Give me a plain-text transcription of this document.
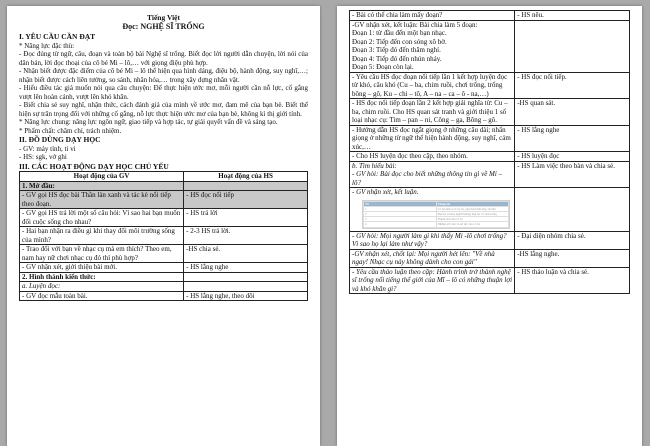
Tiếng Việt
Đọc: NGHỆ SĨ TRỐNG
I. YÊU CẦU CẦN ĐẠT

* Năng lực đặc thù:

- Đọc đúng từ ngữ, câu, đoạn và toàn bộ bài Nghệ sĩ trống. Biết đọc lời người dẫn chuyện, lời nói của dân bản, lời đọc thoại của cô bé Mi – lô,… với giọng điệu phù hợp.

- Nhận biết được đặc điểm của cô bé Mi – lô thể hiện qua hình dáng, điệu bộ, hành động, suy nghĩ,…; nhận biết được cách liên tưởng, so sánh, nhân hóa,… trong xây dựng nhân vật.

- Hiểu điều tác giả muốn nói qua câu chuyện: Để thực hiện ước mơ, mỗi người cần nỗ lực, cố gắng vượt lên hoàn cảnh, vượt lên khó khăn.

- Biết chia sẻ suy nghĩ, nhận thức, cách đánh giá của mình về ước mơ, đam mê của bạn bè. Biết thể hiện sự trân trọng đối với những cố gắng, nỗ lực thực hiện ước mơ của bạn bè, không kì thị giới tính.

* Năng lực chung: năng lực ngôn ngữ, giao tiếp và hợp tác, tự giải quyết vấn đề và sáng tạo.

* Phẩm chất: chăm chỉ, trách nhiệm.

II. ĐỒ DÙNG DẠY HỌC

- GV: máy tính, ti vi

- HS: sgk, vở ghi

III. CÁC HOẠT ĐỘNG DẠY HỌC CHỦ YẾU
Hoạt động của GV	Hoạt động của HS
1. Mở đầu:	
- GV gọi HS đọc bài Thần làn xanh và tác kè nối tiếp theo đoạn.	- HS đọc nối tiếp
- GV gọi HS trả lời một số câu hỏi: Vì sao hai bạn muốn đổi cuộc sống cho nhau?	- HS trả lời
- Hai bạn nhận ra điều gì khi thay đổi môi trường sống của mình?	- 2-3 HS trả lời.
- Trao đổi với bạn về nhạc cụ mà em thích? Theo em, nam hay nữ chơi nhạc cụ đó thì phù hợp?	-HS chia sẻ.
- GV nhận xét, giới thiệu bài mới.	- HS lắng nghe
2. Hình thành kiến thức:	
a. Luyện đọc:	
- GV đọc mẫu toàn bài.	- HS lắng nghe, theo dõi
- Bài có thể chia làm mấy đoạn?	- HS nêu.

-GV nhận xét, kết luận: Bài chia làm 5 đoạn:
Đoạn 1: từ đầu đến một bạn nhạc.
Đoạn 2: Tiếp đến con sóng xô bờ.
Đoạn 3: Tiếp đó đến thăm nghỉ.
Đoạn 4: Tiếp đó đến nhún nhảy.
Đoạn 5: Đoạn còn lại.

- Yêu cầu HS đọc đoạn nối tiếp lần 1 kết hợp luyện đọc từ khó, câu khó (Cu – ba, chim ruồi, chơi trống, trống bông – gô, Ku – chi – tô, A – na – ca – ô - na,…)	- HS đọc nối tiếp.
- HS đọc nối tiếp đoạn lần 2 kết hợp giải nghĩa từ: Cu – ba, chim ruồi. Cho HS quan sát tranh và giới thiệu 1 số loại nhạc cụ: Tim – pan – ni, Công – ga, Bông – gô.	-HS quan sát.
- Hướng dẫn HS đọc ngắt giọng ở những câu dài; nhấn giọng ở những từ ngữ thể hiện hành động, suy nghĩ, cảm xúc,…	- HS lắng nghe
- Cho HS luyện đọc theo cặp, theo nhóm.	- HS luyện đọc

b. Tìm hiểu bài:
- GV hỏi: Bài đọc cho biết những thông tin gì về Mi – lô?

- HS Làm việc theo bàn và chia sẻ.

- GV nhận xét, kết luận.
TT	Thông tin
1	Cô bé sinh ra ở Cu-ba, yêu thích âm nhạc từ nhỏ
2	Bạn bè và mọi người không ủng hộ cô chơi trống
3	Thành tích của cô bé
4	Những ước mơ và nỗ lực của cô bé

- GV hỏi: Mọi người làm gì khi thấy Mi -lô chơi trống? Vì sao họ lại làm như vậy?	- Đại diện nhóm chia sẻ.
-GV nhận xét, chốt lại: Mọi người hét lên: "Về nhà ngay! Nhạc cụ này không dành cho con gái"	-HS lắng nghe.
- Yêu cầu thảo luận theo cặp: Hành trình trở thành nghệ sĩ trống nổi tiếng thế giới của Mĩ – lô có những thuận lợi và khó khăn gì?	- HS thảo luận và chia sẻ.
